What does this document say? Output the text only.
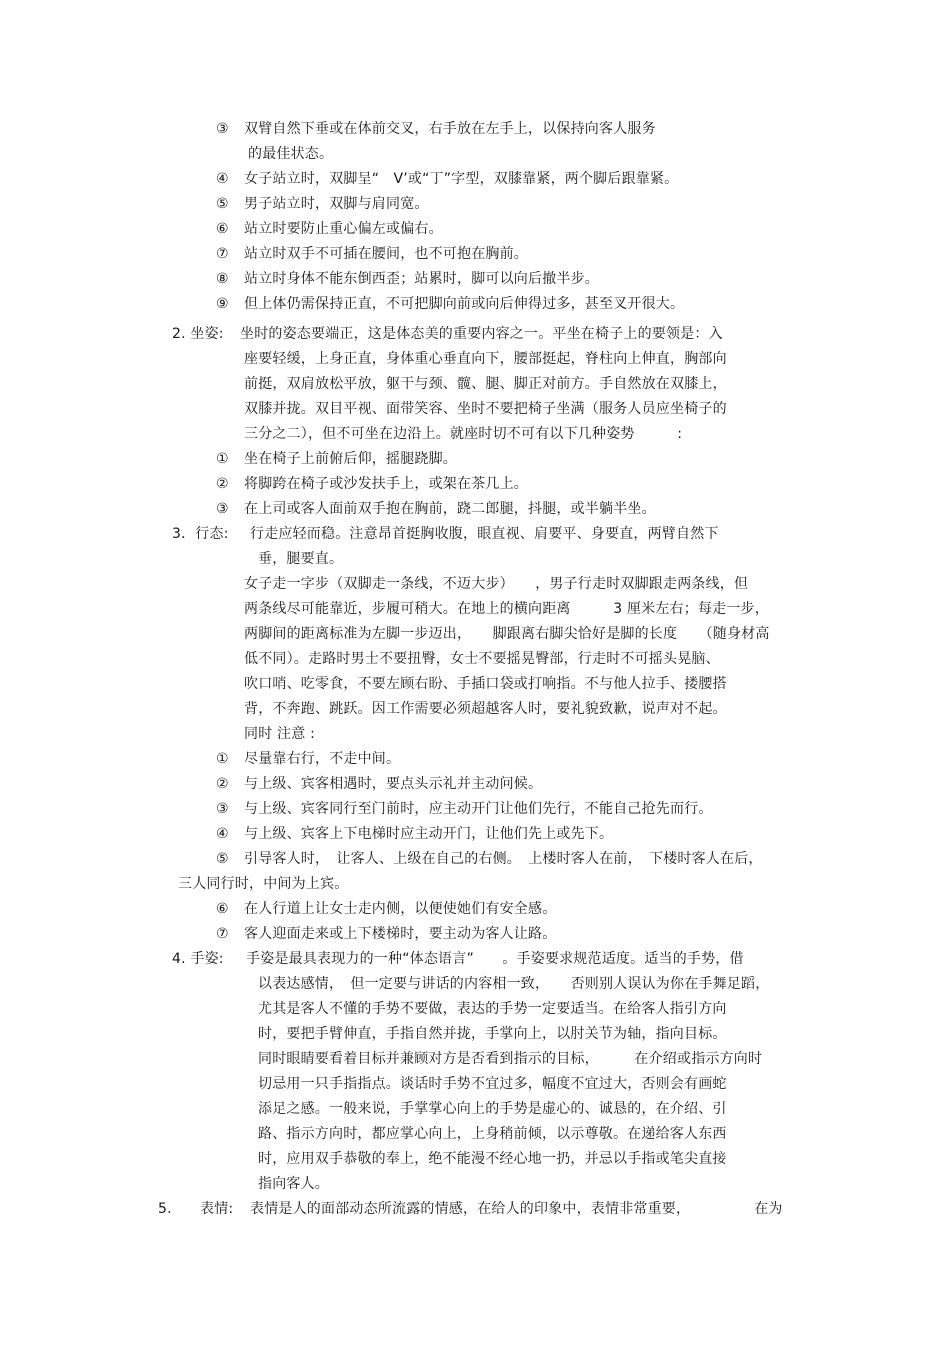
③ 双臂自然下垂或在体前交叉，右手放在左手上，以保持向客人服务
的最佳状态。
④ 女子站立时，双脚呈“　V’或“丁”字型，双膝靠紧，两个脚后跟靠紧。
⑤ 男子站立时，双脚与肩同宽。
⑥ 站立时要防止重心偏左或偏右。
⑦ 站立时双手不可插在腰间，也不可抱在胸前。
⑧ 站立时身体不能东倒西歪；站累时，脚可以向后撤半步。
⑨ 但上体仍需保持正直，不可把脚向前或向后伸得过多，甚至叉开很大。
2. 坐姿: 坐时的姿态要端正，这是体态美的重要内容之一。平坐在椅子上的要领是：入
座要轻缓，上身正直，身体重心垂直向下，腰部挺起，脊柱向上伸直，胸部向
前挺，双肩放松平放，躯干与颈、髋、腿、脚正对前方。手自然放在双膝上，
双膝并拢。双目平视、面带笑容、坐时不要把椅子坐满（服务人员应坐椅子的
三分之二），但不可坐在边沿上。就座时切不可有以下几种姿势　　　:
① 坐在椅子上前俯后仰，摇腿跷脚。
② 将脚跨在椅子或沙发扶手上，或架在茶几上。
③ 在上司或客人面前双手抱在胸前，跷二郎腿，抖腿，或半躺半坐。
3．行态: 行走应轻而稳。注意昂首挺胸收腹，眼直视、肩要平、身要直，两臂自然下
垂，腿要直。
女子走一字步（双脚走一条线，不迈大步）　　，男子行走时双脚跟走两条线，但
两条线尽可能靠近，步履可稍大。在地上的横向距离　　　3 厘米左右；每走一步，
两脚间的距离标准为左脚一步迈出，　　脚跟离右脚尖恰好是脚的长度　　（随身材高
低不同）。走路时男士不要扭臀，女士不要摇晃臀部，行走时不可摇头晃脑、
吹口哨、吃零食，不要左顾右盼、手插口袋或打响指。不与他人拉手、搂腰搭
背，不奔跑、跳跃。因工作需要必须超越客人时，要礼貌致歉，说声对不起。
同时 注意 :
① 尽量靠右行，不走中间。
② 与上级、宾客相遇时，要点头示礼并主动问候。
③ 与上级、宾客同行至门前时，应主动开门让他们先行，不能自己抢先而行。
④ 与上级、宾客上下电梯时应主动开门，让他们先上或先下。
⑤ 引导客人时，　让客人、上级在自己的右侧。　上楼时客人在前，　下楼时客人在后，
三人同行时，中间为上宾。
⑥ 在人行道上让女士走内侧，以便使她们有安全感。
⑦ 客人迎面走来或上下楼梯时，要主动为客人让路。
4. 手姿: 手姿是最具表现力的一种“体态语言”　　。手姿要求规范适度。适当的手势，借
以表达感情，　但一定要与讲话的内容相一致，　　否则别人误认为你在手舞足蹈，
尤其是客人不懂的手势不要做，表达的手势一定要适当。在给客人指引方向
时，要把手臂伸直，手指自然并拢，手掌向上，以肘关节为轴，指向目标。
同时眼睛要看着目标并兼顾对方是否看到指示的目标，　　　在介绍或指示方向时
切忌用一只手指指点。谈话时手势不宜过多，幅度不宜过大，否则会有画蛇
添足之感。一般来说，手掌掌心向上的手势是虚心的、诚恳的，在介绍、引
路、指示方向时，都应掌心向上，上身稍前倾，以示尊敬。在递给客人东西
时，应用双手恭敬的奉上，绝不能漫不经心地一扔，并忌以手指或笔尖直接
指向客人。
5. 表情: 表情是人的面部动态所流露的情感，在给人的印象中，表情非常重要，　　　　　在为
